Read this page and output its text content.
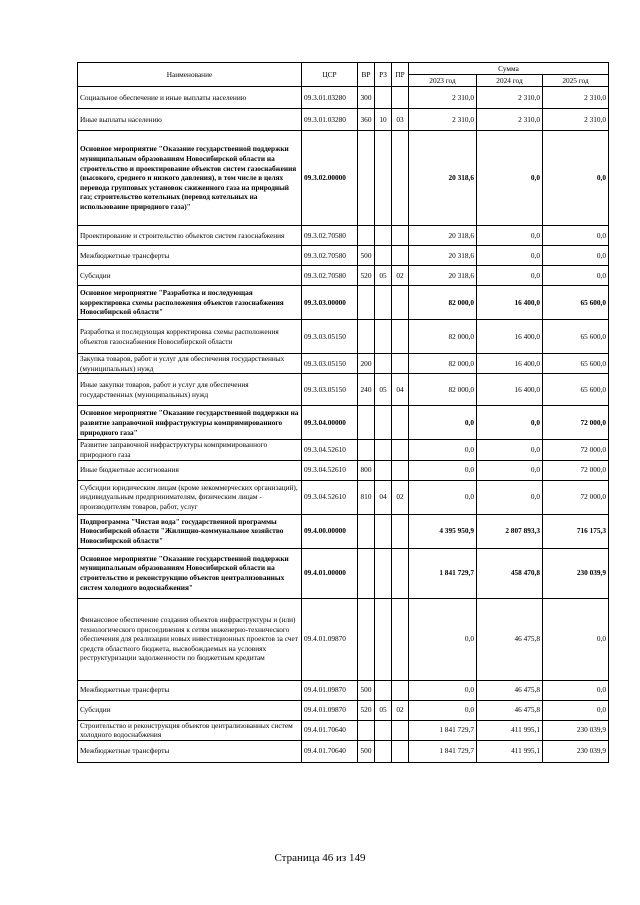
Наименование	ЦСР	ВР	РЗ	ПР	Сумма		
					2023 год	2024 год	2025 год
Социальное обеспечение и иные выплаты населению	09.3.01.03280	300			2 310,0	2 310,0	2 310,0
Иные выплаты населению	09.3.01.03280	360	10	03	2 310,0	2 310,0	2 310,0
Основное мероприятие "Оказание государственной поддержки муниципальным образованиям Новосибирской области на строительство и проектирование объектов систем газоснабжения (высокого, среднего и низкого давления), в том числе в целях перевода групповых установок сжиженного газа на природный газ; строительство котельных (перевод котельных на использование природного газа)"	09.3.02.00000				20 318,6	0,0	0,0
Проектирование и строительство объектов систем газоснабжения	09.3.02.70580				20 318,6	0,0	0,0
Межбюджетные трансферты	09.3.02.70580	500			20 318,6	0,0	0,0
Субсидии	09.3.02.70580	520	05	02	20 318,6	0,0	0,0
Основное мероприятие "Разработка и последующая корректировка схемы расположения объектов газоснабжения Новосибирской области"	09.3.03.00000				82 000,0	16 400,0	65 600,0
Разработка и последующая корректировка схемы расположения объектов газоснабжения Новосибирской области	09.3.03.05150				82 000,0	16 400,0	65 600,0
Закупка товаров, работ и услуг для обеспечения государственных (муниципальных) нужд	09.3.03.05150	200			82 000,0	16 400,0	65 600,0
Иные закупки товаров, работ и услуг для обеспечения государственных (муниципальных) нужд	09.3.03.05150	240	05	04	82 000,0	16 400,0	65 600,0
Основное мероприятие "Оказание государственной поддержки на развитие заправочной инфраструктуры компримированного природного газа"	09.3.04.00000				0,0	0,0	72 000,0
Развитие заправочной инфраструктуры компримированного природного газа	09.3.04.52610				0,0	0,0	72 000,0
Иные бюджетные ассигнования	09.3.04.52610	800			0,0	0,0	72 000,0
Субсидии юридическим лицам (кроме некоммерческих организаций), индивидуальным предпринимателям, физическим лицам - производителям товаров, работ, услуг	09.3.04.52610	810	04	02	0,0	0,0	72 000,0
Подпрограмма "Чистая вода" государственной программы Новосибирской области "Жилищно-коммунальное хозяйство Новосибирской области"	09.4.00.00000				4 395 950,9	2 807 893,3	716 175,3
Основное мероприятие "Оказание государственной поддержки муниципальным образованиям Новосибирской области на строительство и реконструкцию объектов централизованных систем холодного водоснабжения"	09.4.01.00000				1 841 729,7	458 470,8	230 039,9
Финансовое обеспечение создания объектов инфраструктуры и (или) технологического присоединения к сетям инженерно-технического обеспечения для реализации новых инвестиционных проектов за счет средств областного бюджета, высвобождаемых на условиях реструктуризации задолженности по бюджетным кредитам	09.4.01.09870				0,0	46 475,8	0,0
Межбюджетные трансферты	09.4.01.09870	500			0,0	46 475,8	0,0
Субсидии	09.4.01.09870	520	05	02	0,0	46 475,8	0,0
Строительство и реконструкция объектов централизованных систем холодного водоснабжения	09.4.01.70640				1 841 729,7	411 995,1	230 039,9
Межбюджетные трансферты	09.4.01.70640	500			1 841 729,7	411 995,1	230 039,9
Страница 46 из 149
